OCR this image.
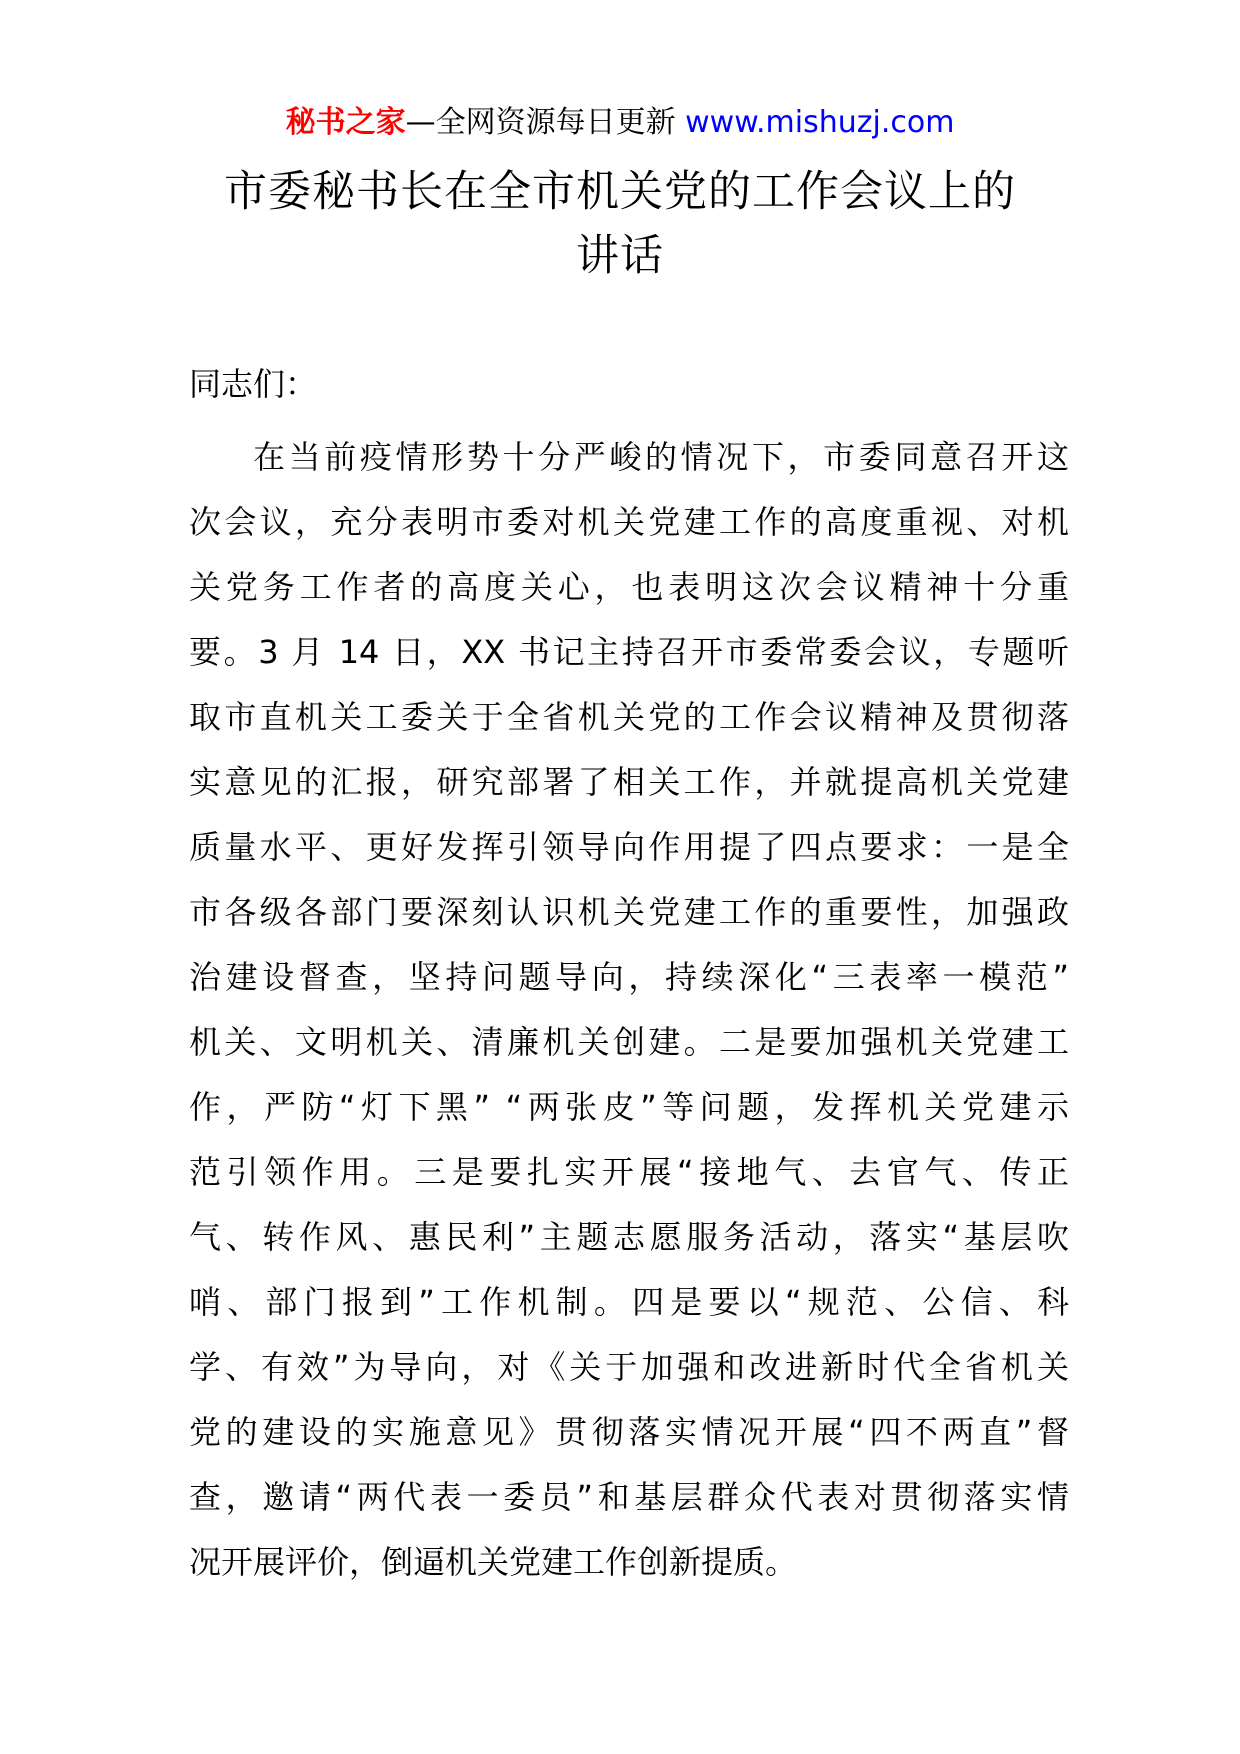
秘书之家—全网资源每日更新 www.mishuzj.com
市委秘书长在全市机关党的工作会议上的
讲话
同志们：
在当前疫情形势十分严峻的情况下，市委同意召开这
次会议，充分表明市委对机关党建工作的高度重视、对机
关党务工作者的高度关心，也表明这次会议精神十分重
要。3 月 14 日，XX 书记主持召开市委常委会议，专题听
取市直机关工委关于全省机关党的工作会议精神及贯彻落
实意见的汇报，研究部署了相关工作，并就提高机关党建
质量水平、更好发挥引领导向作用提了四点要求：一是全
市各级各部门要深刻认识机关党建工作的重要性，加强政
治建设督查，坚持问题导向，持续深化“三表率一模范”
机关、文明机关、清廉机关创建。二是要加强机关党建工
作，严防“灯下黑” “两张皮”等问题，发挥机关党建示
范引领作用。三是要扎实开展“接地气、去官气、传正
气、转作风、惠民利”主题志愿服务活动，落实“基层吹
哨、部门报到”工作机制。四是要以“规范、公信、科
学、有效”为导向，对《关于加强和改进新时代全省机关
党的建设的实施意见》贯彻落实情况开展“四不两直”督
查，邀请“两代表一委员”和基层群众代表对贯彻落实情
况开展评价，倒逼机关党建工作创新提质。
